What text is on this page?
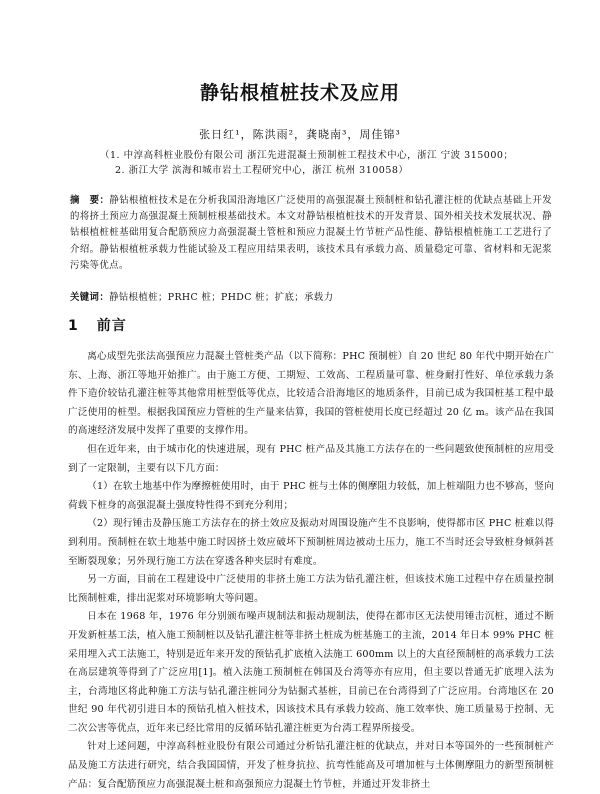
静钻根植桩技术及应用
张日红¹，陈洪雨²，龚晓南³，周佳锦³
（1. 中淳高科桩业股份有限公司 浙江先进混凝土预制桩工程技术中心，浙江 宁波 315000；
2. 浙江大学 滨海和城市岩土工程研究中心，浙江 杭州 310058）
摘　要：静钻根植桩技术是在分析我国沿海地区广泛使用的高强混凝土预制桩和钻孔灌注桩的优缺点基础上开发的将挤土预应力高强混凝土预制桩根基础技术。本文对静钻根植桩技术的开发背景、国外相关技术发展状况、静钻根植桩桩基础用复合配筋预应力高强混凝土管桩和预应力混凝土竹节桩产品性能、静钻根植桩施工工艺进行了介绍。静钻根植桩承载力性能试验及工程应用结果表明，该技术具有承载力高、质量稳定可靠、省材料和无泥浆污染等优点。
关键词：静钻根植桩；PRHC 桩；PHDC 桩；扩底；承载力
1 前言

离心成型先张法高强预应力混凝土管桩类产品（以下简称：PHC 预制桩）自 20 世纪 80 年代中期开始在广东、上海、浙江等地开始推广。由于施工方便、工期短、工效高、工程质量可靠、桩身耐打性好、单位承载力条件下造价较钻孔灌注桩等其他常用桩型低等优点，比较适合沿海地区的地质条件，目前已成为我国桩基工程中最广泛使用的桩型。根据我国预应力管桩的生产量来估算，我国的管桩使用长度已经超过 20 亿 m。该产品在我国的高速经济发展中发挥了重要的支撑作用。

但在近年来，由于城市化的快速进展，现有 PHC 桩产品及其施工方法存在的一些问题致使预制桩的应用受到了一定限制，主要有以下几方面：

（1）在软土地基中作为摩擦桩使用时，由于 PHC 桩与土体的侧摩阻力较低，加上桩端阻力也不够高，竖向荷载下桩身的高强混凝土强度特性得不到充分利用；

（2）现行锤击及静压施工方法存在的挤土效应及振动对周围设施产生不良影响，使得都市区 PHC 桩难以得到利用。预制桩在软土地基中施工时因挤土效应破坏下预制桩周边被动土压力，施工不当时还会导致桩身倾斜甚至断裂现象；另外现行施工方法在穿透各种夹层时有难度。

另一方面，目前在工程建设中广泛使用的非挤土施工方法为钻孔灌注桩，但该技术施工过程中存在质量控制比预制桩难，排出泥浆对环境影响大等问题。

日本在 1968 年，1976 年分别颁布噪声规制法和振动规制法，使得在都市区无法使用锤击沉桩，通过不断开发新桩基工法，植入施工预制桩以及钻孔灌注桩等非挤土桩成为桩基施工的主流，2014 年日本 99% PHC 桩采用埋入式工法施工，特别是近年来开发的预钻孔扩底植入法施工 600mm 以上的大直径预制桩的高承载力工法在高层建筑等得到了广泛应用[1]。植入法施工预制桩在韩国及台湾等亦有应用，但主要以普通无扩底埋入法为主，台湾地区将此种施工方法与钻孔灌注桩同分为钻掘式基桩，目前已在台湾得到了广泛应用。台湾地区在 20 世纪 90 年代初引进日本的预钻孔植入桩技术，因该技术具有承载力较高、施工效率快、施工质量易于控制、无二次公害等优点，近年来已经比常用的反循环钻孔灌注桩更为台湾工程界所接受。

针对上述问题，中淳高科桩业股份有限公司通过分析钻孔灌注桩的优缺点，并对日本等国外的一些预制桩产品及施工方法进行研究，结合我国国情，开发了桩身抗拉、抗弯性能高及可增加桩与土体侧摩阻力的新型预制桩产品：复合配筋预应力高强混凝土桩和高强预应力混凝土竹节桩，并通过开发非挤土
